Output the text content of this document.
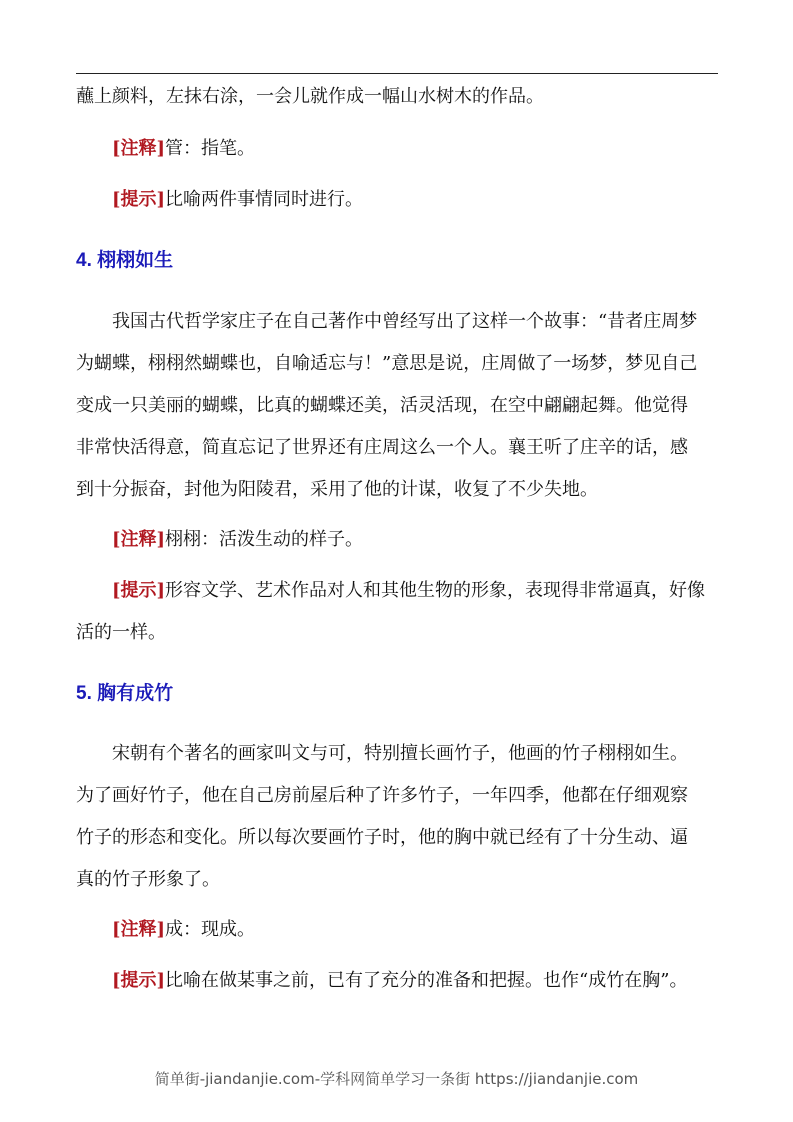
蘸上颜料，左抹右涂，一会儿就作成一幅山水树木的作品。
[注释]管：指笔。
[提示]比喻两件事情同时进行。
4. 栩栩如生
我国古代哲学家庄子在自己著作中曾经写出了这样一个故事：“昔者庄周梦
为蝴蝶，栩栩然蝴蝶也，自喻适忘与！”意思是说，庄周做了一场梦，梦见自己
变成一只美丽的蝴蝶，比真的蝴蝶还美，活灵活现，在空中翩翩起舞。他觉得
非常快活得意，简直忘记了世界还有庄周这么一个人。襄王听了庄辛的话，感
到十分振奋，封他为阳陵君，采用了他的计谋，收复了不少失地。
[注释]栩栩：活泼生动的样子。
[提示]形容文学、艺术作品对人和其他生物的形象，表现得非常逼真，好像
活的一样。
5. 胸有成竹
宋朝有个著名的画家叫文与可，特别擅长画竹子，他画的竹子栩栩如生。
为了画好竹子，他在自己房前屋后种了许多竹子，一年四季，他都在仔细观察
竹子的形态和变化。所以每次要画竹子时，他的胸中就已经有了十分生动、逼
真的竹子形象了。
[注释]成：现成。
[提示]比喻在做某事之前，已有了充分的准备和把握。也作“成竹在胸”。
简单街-jiandanjie.com-学科网简单学习一条街 https://jiandanjie.com
